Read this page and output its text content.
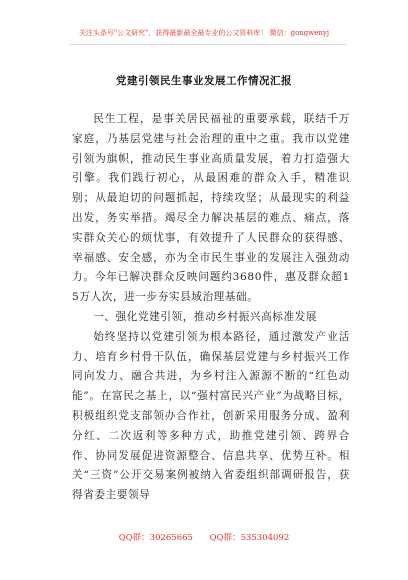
关注头条号"公文研究"，获得最新最全最专业的公文资料库！ 微信：gongwenyj
党建引领民生事业发展工作情况汇报

民生工程，是事关居民福祉的重要承载，联结千万家庭，乃基层党建与社会治理的重中之重。我市以党建引领为旗帜，推动民生事业高质量发展，着力打造强大引擎。我们践行初心，从最困难的群众入手，精准识别；从最迫切的问题抓起，持续攻坚；从最现实的利益出发，务实举措。竭尽全力解决基层的难点、痛点，落实群众关心的烦忧事，有效提升了人民群众的获得感、幸福感、安全感，亦为全市民生事业的发展注入强劲动力。今年已解决群众反映问题约3680件，惠及群众超15万人次，进一步夯实县域治理基础。

一、强化党建引领，推动乡村振兴高标准发展

始终坚持以党建引领为根本路径，通过激发产业活力、培育乡村骨干队伍，确保基层党建与乡村振兴工作同向发力、融合共进，为乡村注入源源不断的“红色动能”。在富民之基上，以“强村富民兴产业”为战略目标，积极组织党支部领办合作社，创新采用服务分成、盈利分红、二次返利等多种方式，助推党建引领、跨界合作、协同发展促进资源整合、信息共享、优势互补。相关“三资”公开交易案例被纳入省委组织部调研报告，获得省委主要领导

QQ群：30265665 QQ群：535304092
